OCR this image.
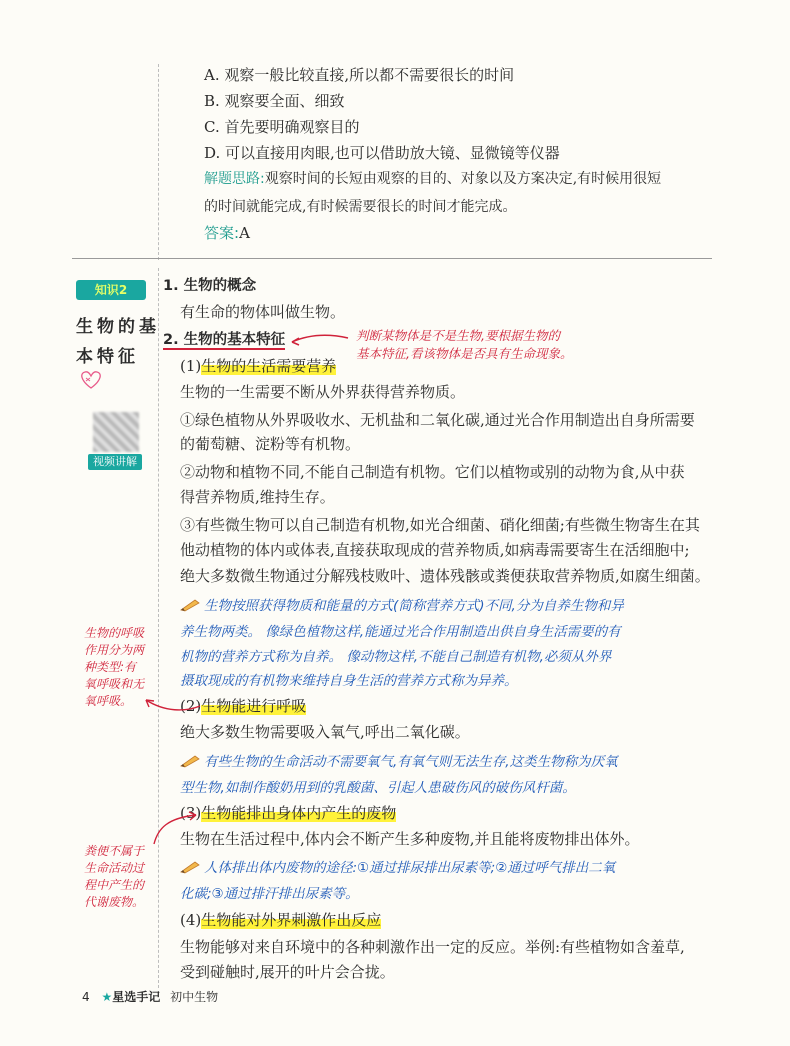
A. 观察一般比较直接,所以都不需要很长的时间
B. 观察要全面、细致
C. 首先要明确观察目的
D. 可以直接用肉眼,也可以借助放大镜、显微镜等仪器
解题思路:观察时间的长短由观察的目的、对象以及方案决定,有时候用很短
的时间就能完成,有时候需要很长的时间才能完成。
答案:A
知识2
生物的基
本特征
视频讲解
1. 生物的概念
有生命的物体叫做生物。
2. 生物的基本特征	判断某物体是不是生物,要根据生物的
基本特征,看该物体是否具有生命现象。
(1)生物的生活需要营养
生物的一生需要不断从外界获得营养物质。
①绿色植物从外界吸收水、无机盐和二氧化碳,通过光合作用制造出自身所需要
的葡萄糖、淀粉等有机物。
②动物和植物不同,不能自己制造有机物。它们以植物或别的动物为食,从中获
得营养物质,维持生存。
③有些微生物可以自己制造有机物,如光合细菌、硝化细菌;有些微生物寄生在其
他动植物的体内或体表,直接获取现成的营养物质,如病毒需要寄生在活细胞中;
绝大多数微生物通过分解残枝败叶、遗体残骸或粪便获取营养物质,如腐生细菌。
生物按照获得物质和能量的方式(简称营养方式)不同,分为自养生物和异
养生物两类。 像绿色植物这样,能通过光合作用制造出供自身生活需要的有
机物的营养方式称为自养。 像动物这样,不能自己制造有机物,必须从外界
摄取现成的有机物来维持自身生活的营养方式称为异养。
(2)生物能进行呼吸
绝大多数生物需要吸入氧气,呼出二氧化碳。
有些生物的生命活动不需要氧气,有氧气则无法生存,这类生物称为厌氧
型生物,如制作酸奶用到的乳酸菌、引起人患破伤风的破伤风杆菌。
(3)生物能排出身体内产生的废物
生物在生活过程中,体内会不断产生多种废物,并且能将废物排出体外。
人体排出体内废物的途径:①通过排尿排出尿素等;②通过呼气排出二氧
化碳;③通过排汗排出尿素等。
(4)生物能对外界刺激作出反应
生物能够对来自环境中的各种刺激作出一定的反应。举例:有些植物如含羞草,
受到碰触时,展开的叶片会合拢。
生物的呼吸
作用分为两
种类型:有
氧呼吸和无
氧呼吸。
粪便不属于
生命活动过
程中产生的
代谢废物。
4 ★星选手记 初中生物
